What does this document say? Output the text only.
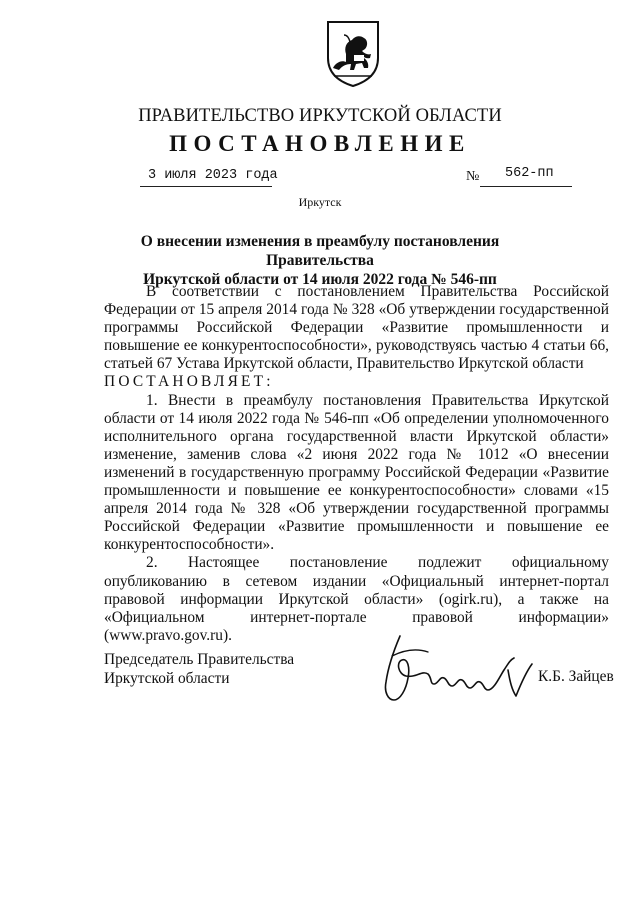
ПРАВИТЕЛЬСТВО ИРКУТСКОЙ ОБЛАСТИ
ПОСТАНОВЛЕНИЕ
3 июля 2023 года	№ 562-пп
Иркутск
О внесении изменения в преамбулу постановления Правительства
Иркутской области от 14 июля 2022 года № 546-пп

В соответствии с постановлением Правительства Российской Федерации от 15 апреля 2014 года № 328 «Об утверждении государственной программы Российской Федерации «Развитие промышленности и повышение ее конкурентоспособности», руководствуясь частью 4 статьи 66, статьей 67 Устава Иркутской области, Правительство Иркутской области

ПОСТАНОВЛЯЕТ:

1. Внести в преамбулу постановления Правительства Иркутской области от 14 июля 2022 года № 546-пп «Об определении уполномоченного исполнительного органа государственной власти Иркутской области» изменение, заменив слова «2 июня 2022 года № 1012 «О внесении изменений в государственную программу Российской Федерации «Развитие промышленности и повышение ее конкурентоспособности» словами «15 апреля 2014 года № 328 «Об утверждении государственной программы Российской Федерации «Развитие промышленности и повышение ее конкурентоспособности».

2. Настоящее постановление подлежит официальному опубликованию в сетевом издании «Официальный интернет-портал правовой информации Иркутской области» (ogirk.ru), а также на «Официальном интернет-портале правовой информации» (www.pravo.gov.ru).

Председатель Правительства
Иркутской области	К.Б. Зайцев
